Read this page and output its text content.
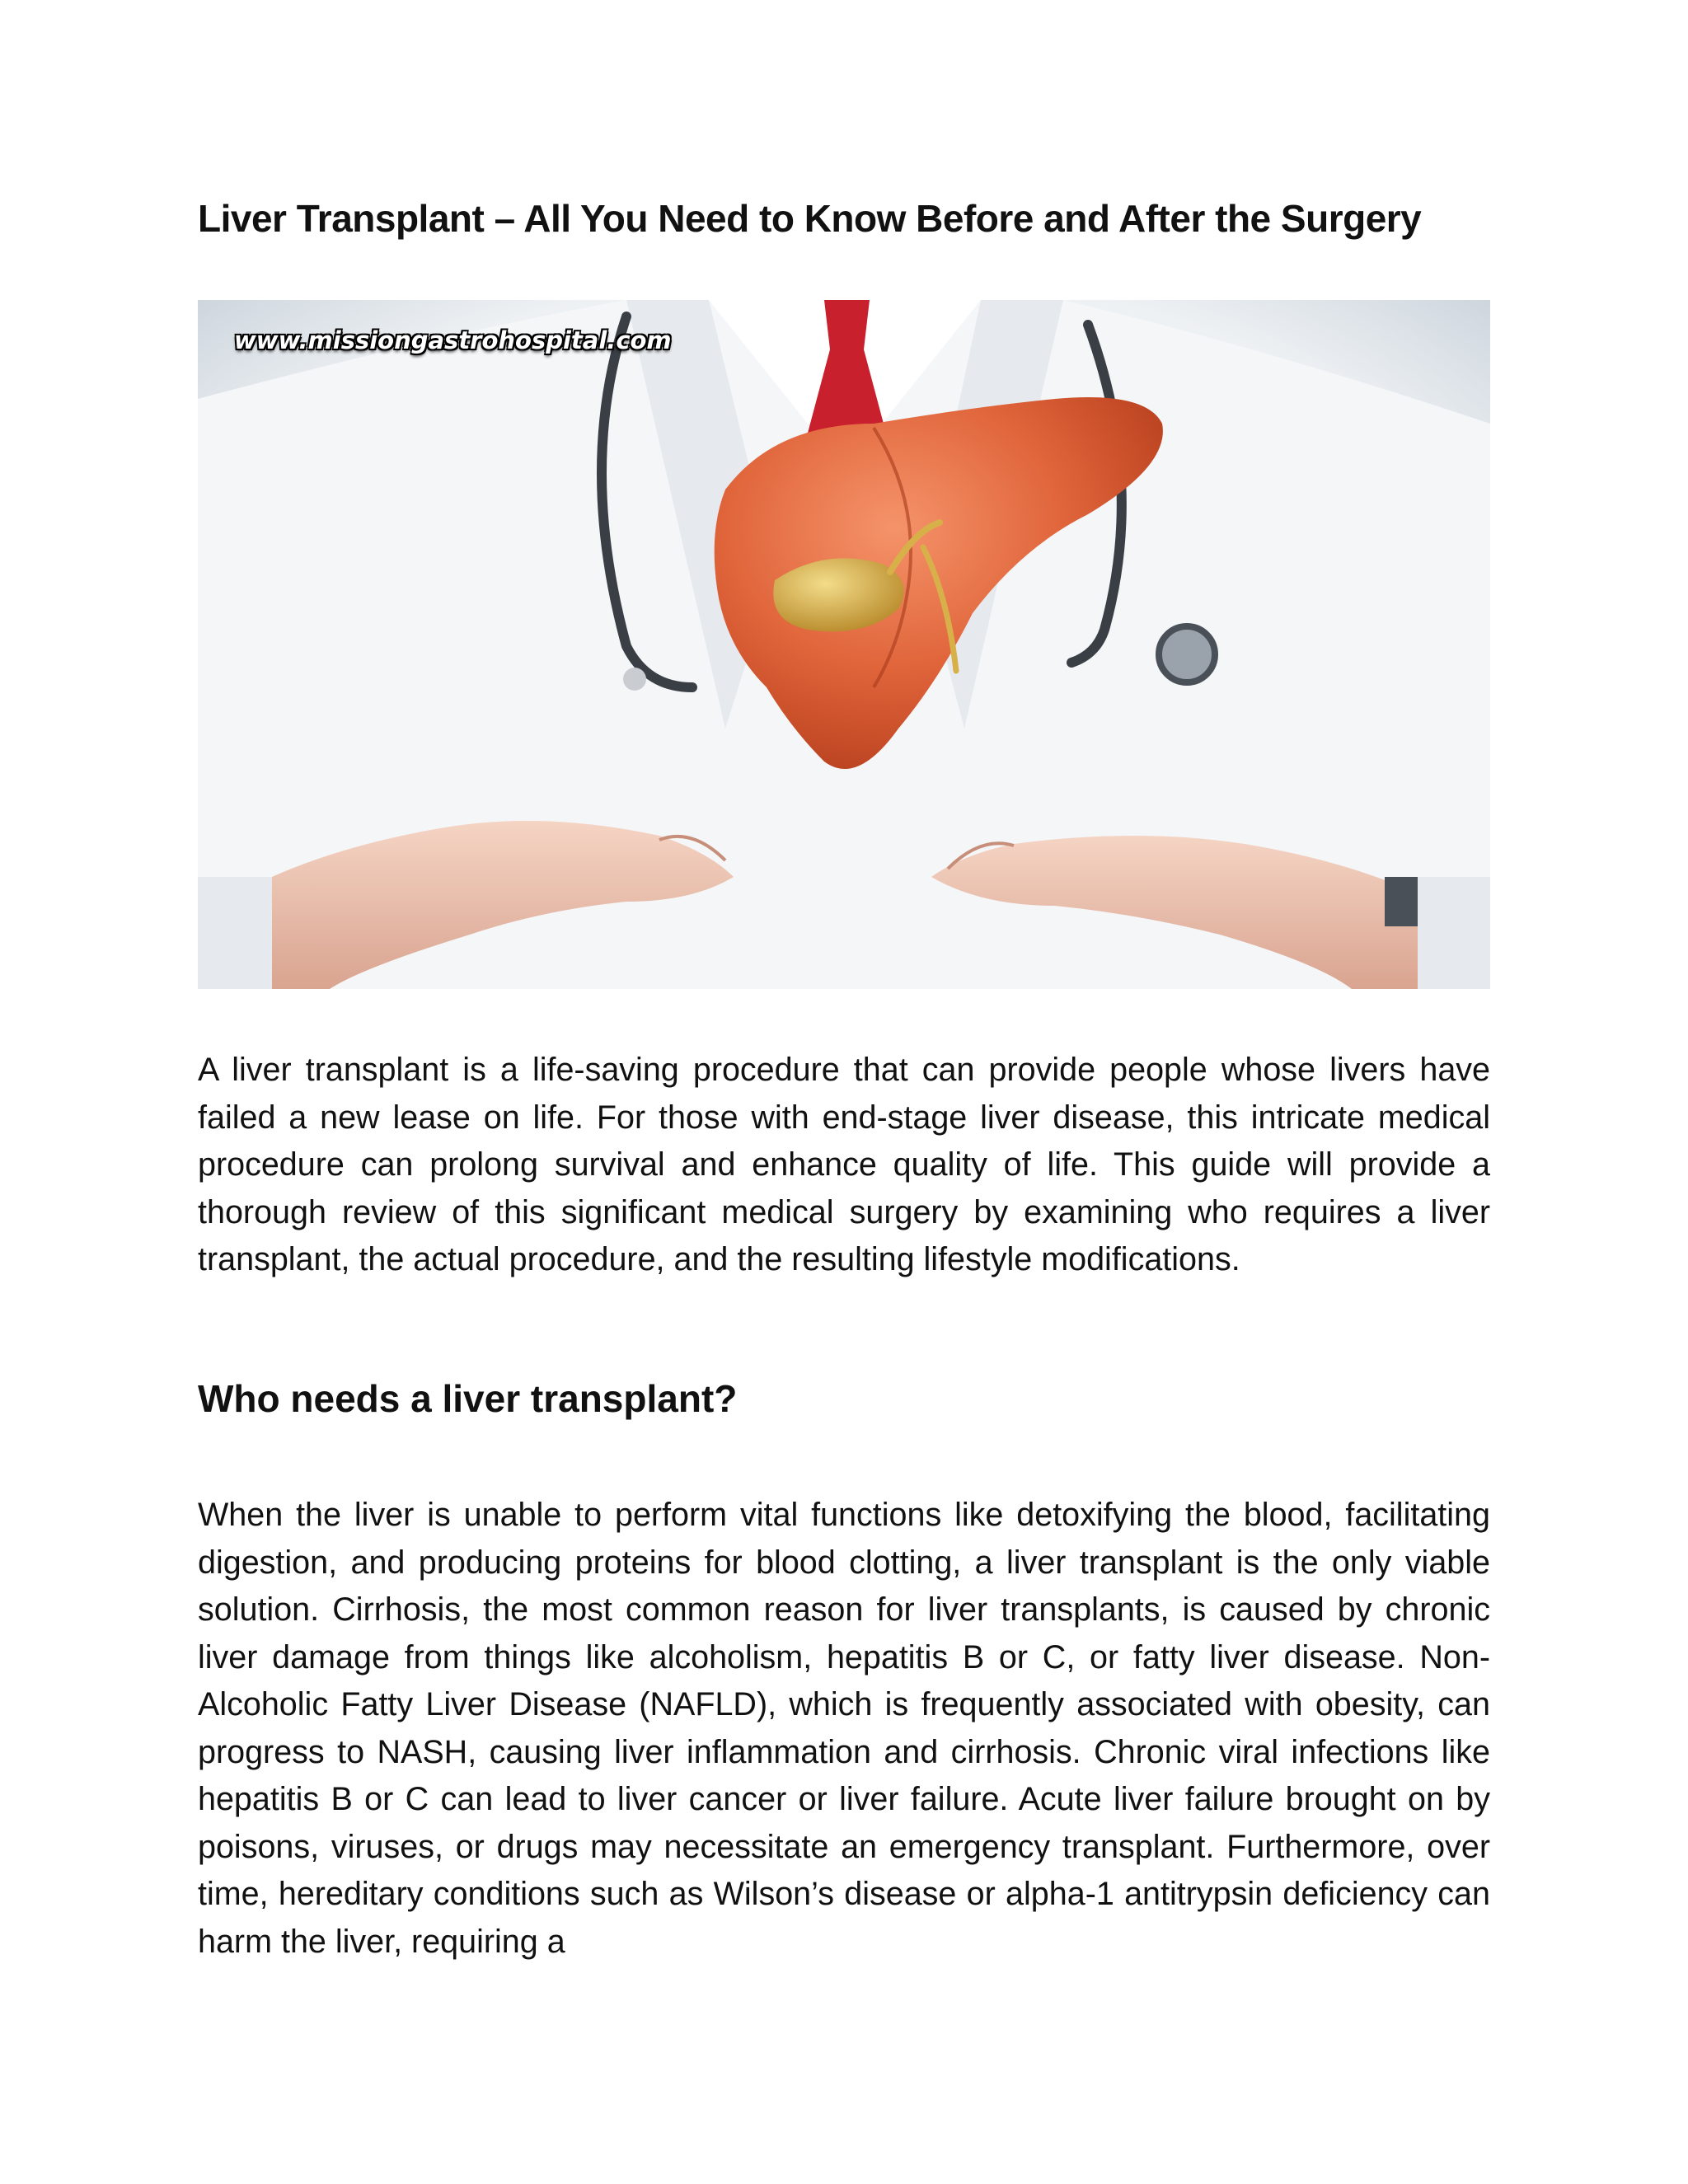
Liver Transplant – All You Need to Know Before and After the Surgery
www.missiongastrohospital.com

A liver transplant is a life-saving procedure that can provide people whose livers have failed a new lease on life. For those with end-stage liver disease, this intricate medical procedure can prolong survival and enhance quality of life. This guide will provide a thorough review of this significant medical surgery by examining who requires a liver transplant, the actual procedure, and the resulting lifestyle modifications.

Who needs a liver transplant?

When the liver is unable to perform vital functions like detoxifying the blood, facilitating digestion, and producing proteins for blood clotting, a liver transplant is the only viable solution. Cirrhosis, the most common reason for liver transplants, is caused by chronic liver damage from things like alcoholism, hepatitis B or C, or fatty liver disease. Non-Alcoholic Fatty Liver Disease (NAFLD), which is frequently associated with obesity, can progress to NASH, causing liver inflammation and cirrhosis. Chronic viral infections like hepatitis B or C can lead to liver cancer or liver failure. Acute liver failure brought on by poisons, viruses, or drugs may necessitate an emergency transplant. Furthermore, over time, hereditary conditions such as Wilson’s disease or alpha-1 antitrypsin deficiency can harm the liver, requiring a
